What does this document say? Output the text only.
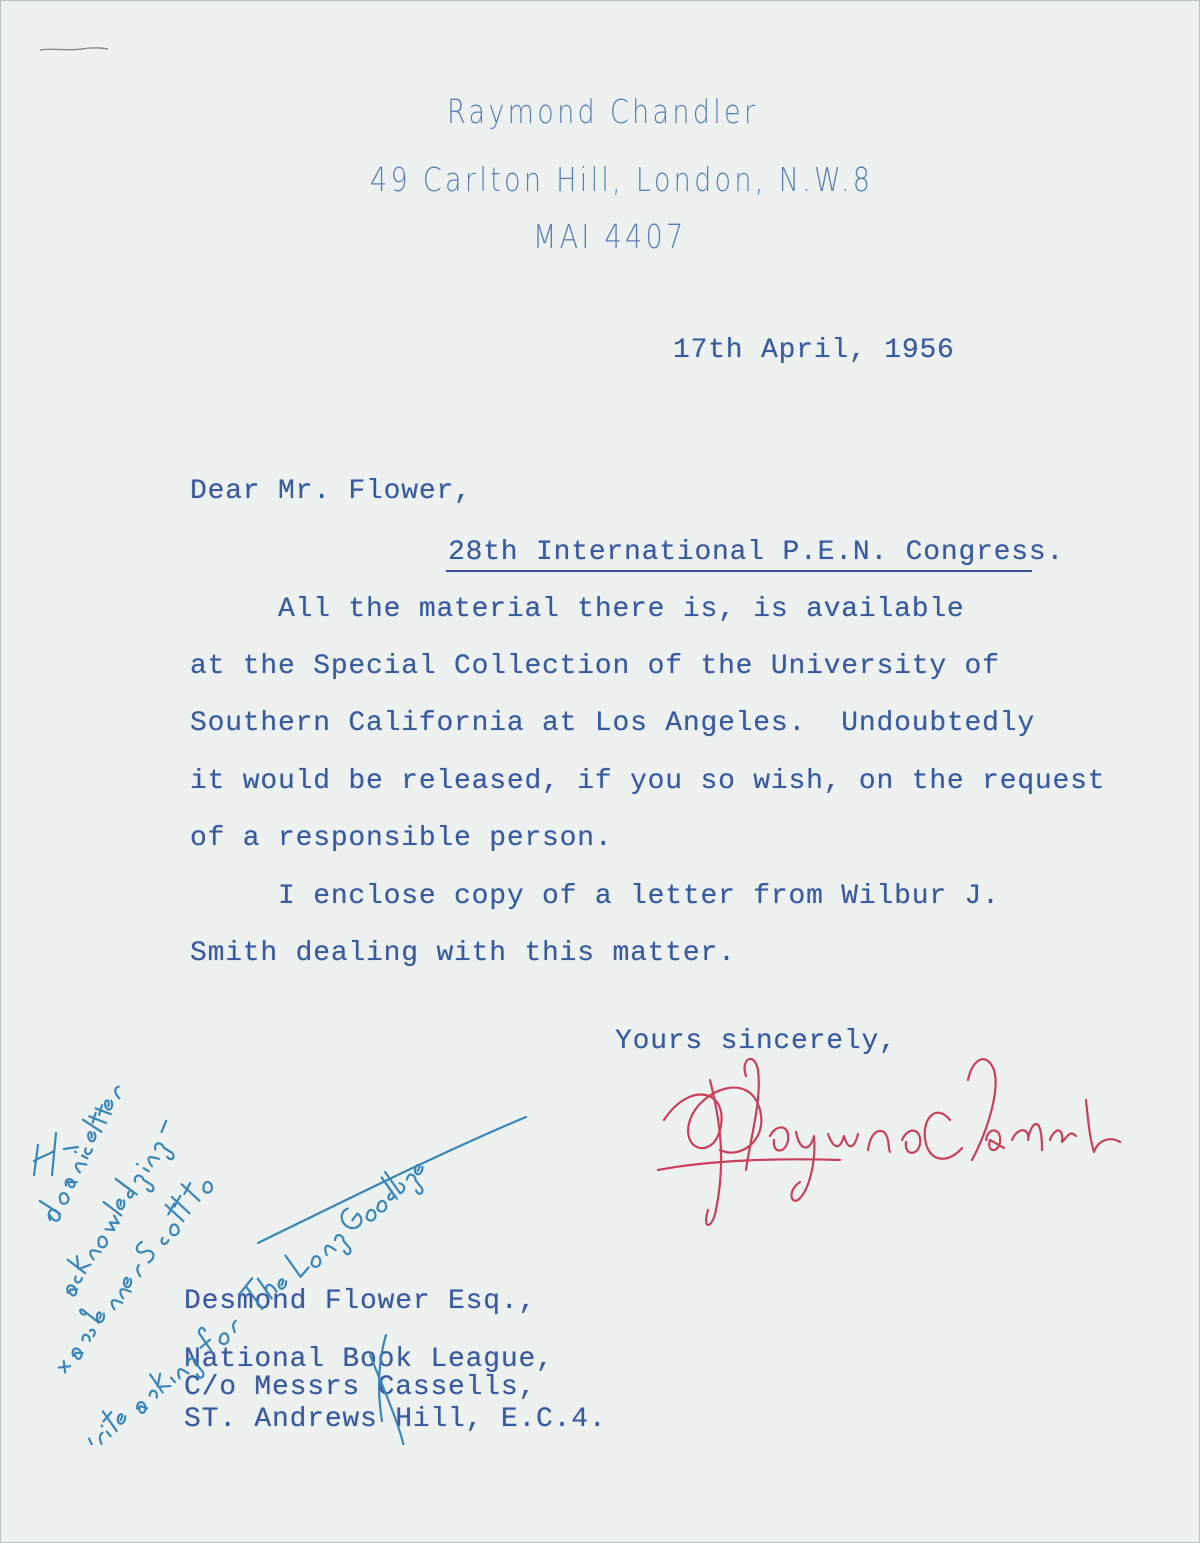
Raymond Chandler
49 Carlton Hill, London, N.W.8
MAI 4407
17th April, 1956
Dear Mr. Flower,
28th International P.E.N. Congress.
All the material there is, is available
at the Special Collection of the University of
Southern California at Los Angeles.  Undoubtedly
it would be released, if you so wish, on the request
of a responsible person.
I enclose copy of a letter from Wilbur J.
Smith dealing with this matter.
Yours sincerely,
Desmond Flower Esq.,
National Book League,
C/o Messrs Cassells,
ST. Andrews Hill, E.C.4.
